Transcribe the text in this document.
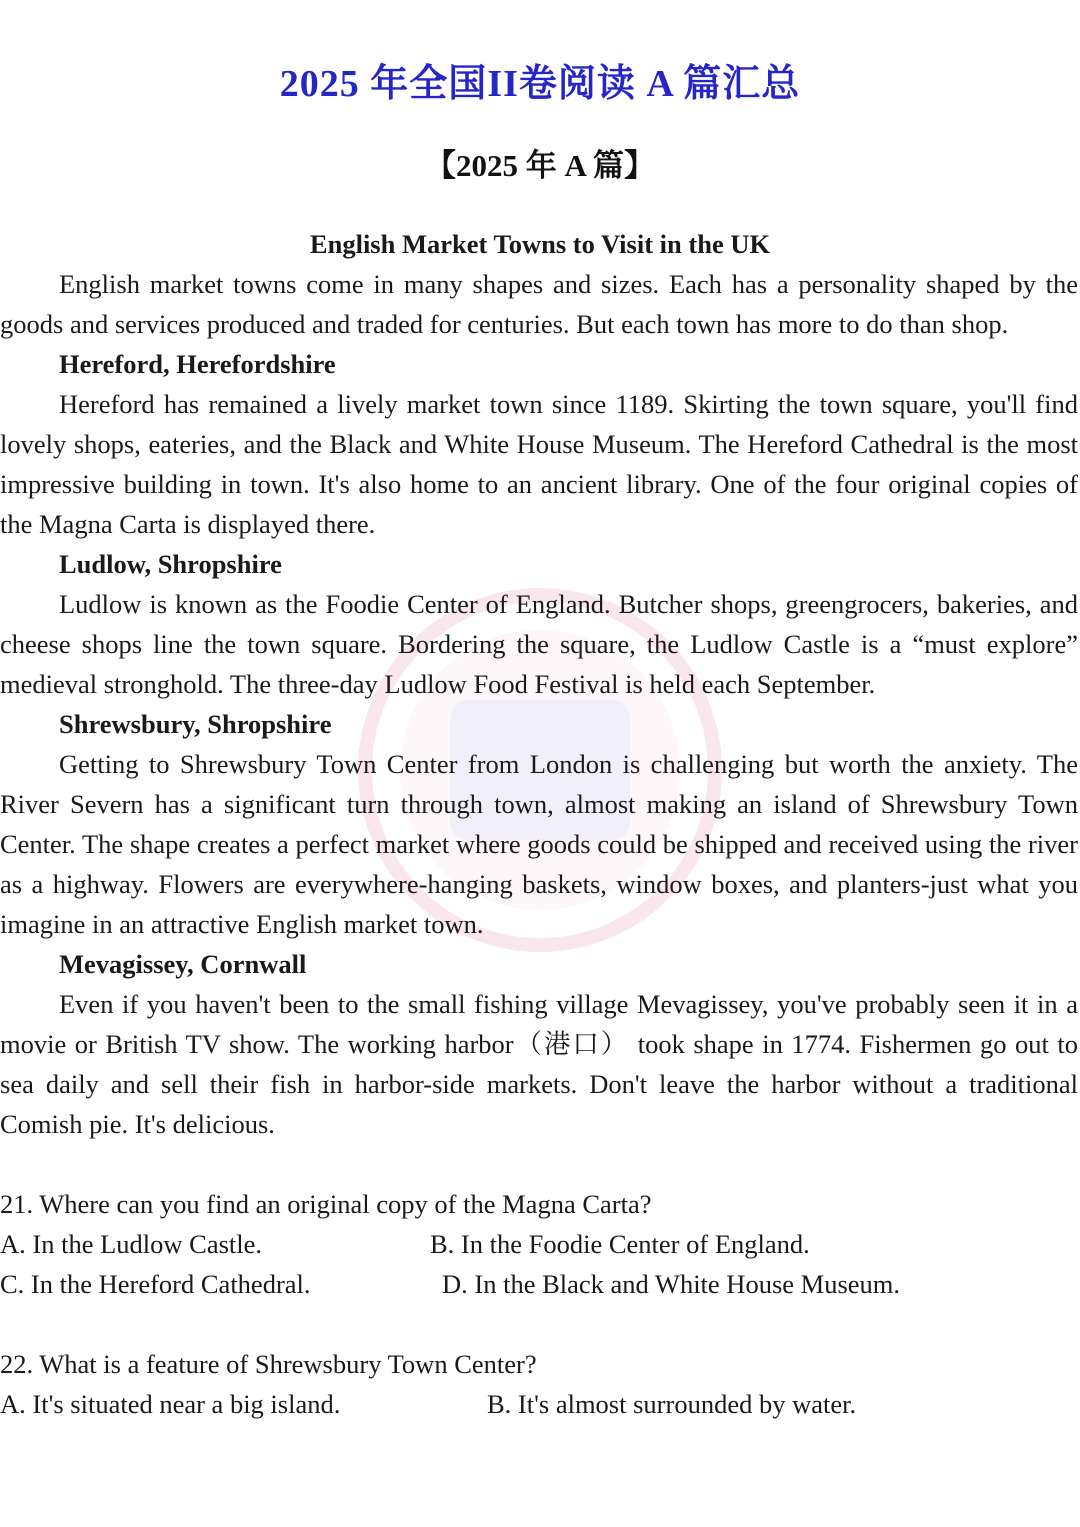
2025 年全国II卷阅读 A 篇汇总
【2025 年 A 篇】

English Market Towns to Visit in the UK

English market towns come in many shapes and sizes. Each has a personality shaped by the goods and services produced and traded for centuries. But each town has more to do than shop.

Hereford, Herefordshire

Hereford has remained a lively market town since 1189. Skirting the town square, you'll find lovely shops, eateries, and the Black and White House Museum. The Hereford Cathedral is the most impressive building in town. It's also home to an ancient library. One of the four original copies of the Magna Carta is displayed there.

Ludlow, Shropshire

Ludlow is known as the Foodie Center of England. Butcher shops, greengrocers, bakeries, and cheese shops line the town square. Bordering the square, the Ludlow Castle is a “must explore” medieval stronghold. The three-day Ludlow Food Festival is held each September.

Shrewsbury, Shropshire

Getting to Shrewsbury Town Center from London is challenging but worth the anxiety. The River Severn has a significant turn through town, almost making an island of Shrewsbury Town Center. The shape creates a perfect market where goods could be shipped and received using the river as a highway. Flowers are everywhere-hanging baskets, window boxes, and planters-just what you imagine in an attractive English market town.

Mevagissey, Cornwall

Even if you haven't been to the small fishing village Mevagissey, you've probably seen it in a movie or British TV show. The working harbor（港口） took shape in 1774. Fishermen go out to sea daily and sell their fish in harbor-side markets. Don't leave the harbor without a traditional Comish pie. It's delicious.

21. Where can you find an original copy of the Magna Carta?

A. In the Ludlow Castle.	B. In the Foodie Center of England.
C. In the Hereford Cathedral.	D. In the Black and White House Museum.

22. What is a feature of Shrewsbury Town Center?

A. It's situated near a big island.	B. It's almost surrounded by water.
